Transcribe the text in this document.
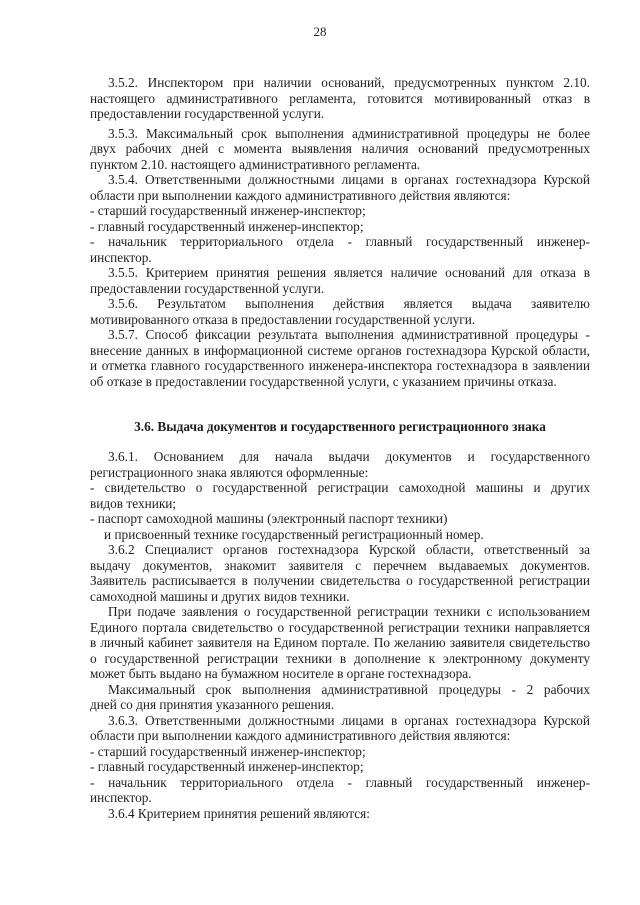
28
3.5.2. Инспектором при наличии оснований, предусмотренных пунктом 2.10.
настоящего административного регламента, готовится мотивированный отказ в
предоставлении государственной услуги.
3.5.3. Максимальный срок выполнения административной процедуры не более
двух рабочих дней с момента выявления наличия оснований предусмотренных
пунктом 2.10. настоящего административного регламента.
3.5.4. Ответственными должностными лицами в органах гостехнадзора Курской
области при выполнении каждого административного действия являются:
- старший государственный инженер-инспектор;
- главный государственный инженер-инспектор;
- начальник территориального отдела - главный государственный инженер-
инспектор.
3.5.5. Критерием принятия решения является наличие оснований для отказа в
предоставлении государственной услуги.
3.5.6. Результатом выполнения действия является выдача заявителю
мотивированного отказа в предоставлении государственной услуги.
3.5.7. Способ фиксации результата выполнения административной процедуры -
внесение данных в информационной системе органов гостехнадзора Курской области,
и отметка главного государственного инженера-инспектора гостехнадзора в заявлении
об отказе в предоставлении государственной услуги, с указанием причины отказа.
3.6. Выдача документов и государственного регистрационного знака
3.6.1. Основанием для начала выдачи документов и государственного
регистрационного знака являются оформленные:
- свидетельство о государственной регистрации самоходной машины и других
видов техники;
- паспорт самоходной машины (электронный паспорт техники)
и присвоенный технике государственный регистрационный номер.
3.6.2 Специалист органов гостехнадзора Курской области, ответственный за
выдачу документов, знакомит заявителя с перечнем выдаваемых документов.
Заявитель расписывается в получении свидетельства о государственной регистрации
самоходной машины и других видов техники.
При подаче заявления о государственной регистрации техники с использованием
Единого портала свидетельство о государственной регистрации техники направляется
в личный кабинет заявителя на Едином портале. По желанию заявителя свидетельство
о государственной регистрации техники в дополнение к электронному документу
может быть выдано на бумажном носителе в органе гостехнадзора.
Максимальный срок выполнения административной процедуры - 2 рабочих
дней со дня принятия указанного решения.
3.6.3. Ответственными должностными лицами в органах гостехнадзора Курской
области при выполнении каждого административного действия являются:
- старший государственный инженер-инспектор;
- главный государственный инженер-инспектор;
- начальник территориального отдела - главный государственный инженер-
инспектор.
3.6.4 Критерием принятия решений являются:
